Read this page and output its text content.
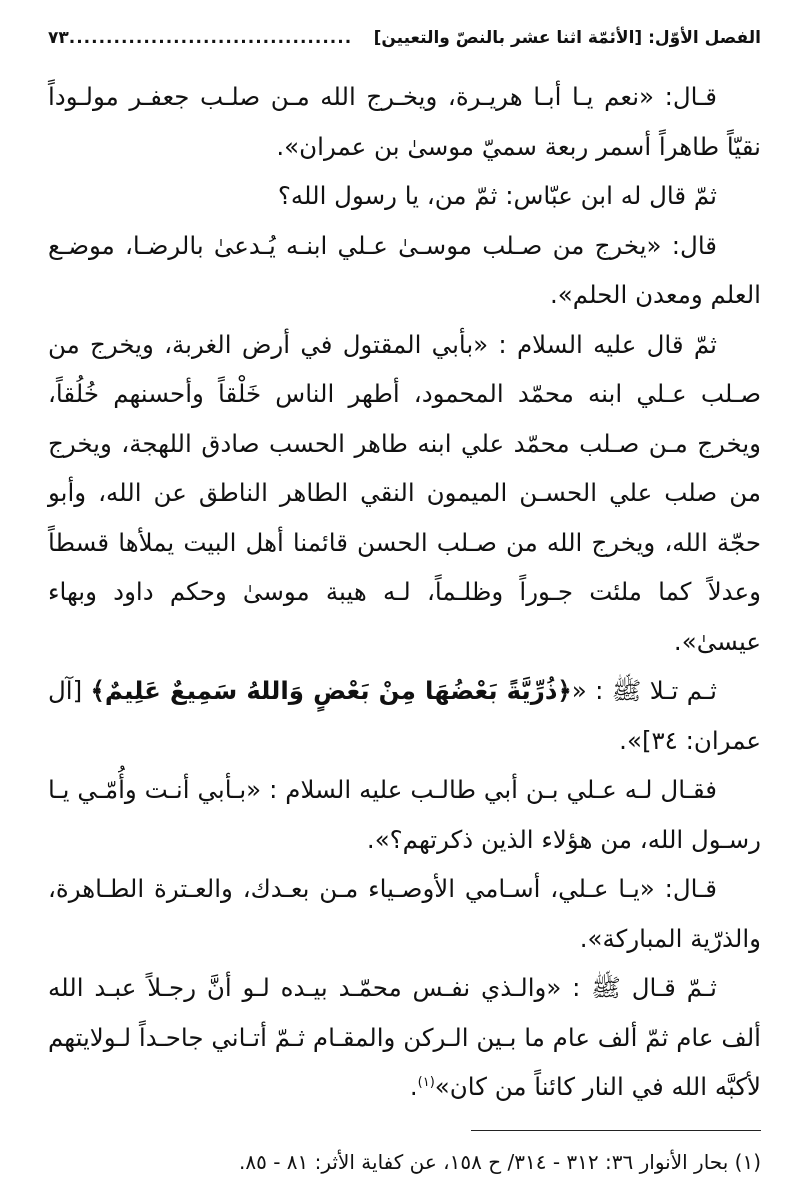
الفصل الأوّل: [الأئمّة اثنا عشر بالنصّ والتعيين]
......................................
٧٣

قـال: «نعم يـا أبـا هريـرة، ويخـرج الله مـن صلـب جعفـر مولـوداً نقيّاً طاهراً أسمر ربعة سميّ موسىٰ بن عمران».

ثمّ قال له ابن عبّاس: ثمّ من، يا رسول الله؟

قال: «يخرج من صـلب موسـىٰ عـلي ابنـه يُـدعىٰ بالرضـا، موضـع العلم ومعدن الحلم».

ثمّ قال عليه السلام : «بأبي المقتول في أرض الغربة، ويخرج من صـلب عـلي ابنه محمّد المحمود، أطهر الناس خَلْقاً وأحسنهم خُلُقاً، ويخرج مـن صـلب محمّد علي ابنه طاهر الحسب صادق اللهجة، ويخرج من صلب علي الحسـن الميمون النقي الطاهر الناطق عن الله، وأبو حجّة الله، ويخرج الله من صـلب الحسن قائمنا أهل البيت يملأها قسطاً وعدلاً كما ملئت جـوراً وظلـماً، لـه هيبة موسىٰ وحكم داود وبهاء عيسىٰ».

ثـم تـلا ﷺ : «﴿ذُرِّيَّةً بَعْضُهَا مِنْ بَعْضٍ وَاللهُ سَمِيعٌ عَلِيمٌ﴾ [آل عمران: ٣٤]».

فقـال لـه عـلي بـن أبي طالـب عليه السلام : «بـأبي أنـت وأُمّـي يـا رسـول الله، من هؤلاء الذين ذكرتهم؟».

قـال: «يـا عـلي، أسـامي الأوصـياء مـن بعـدك، والعـترة الطـاهرة، والذرّية المباركة».

ثـمّ قـال ﷺ : «والـذي نفـس محمّـد بيـده لـو أنَّ رجـلاً عبـد الله ألف عام ثمّ ألف عام ما بـين الـركن والمقـام ثـمّ أتـاني جاحـداً لـولايتهم لأكبَّه الله في النار كائناً من كان»$^{(١)}$.

(١) بحار الأنوار ٣٦: ٣١٢ - ٣١٤/ ح ١٥٨، عن كفاية الأثر: ٨١ - ٨٥.
